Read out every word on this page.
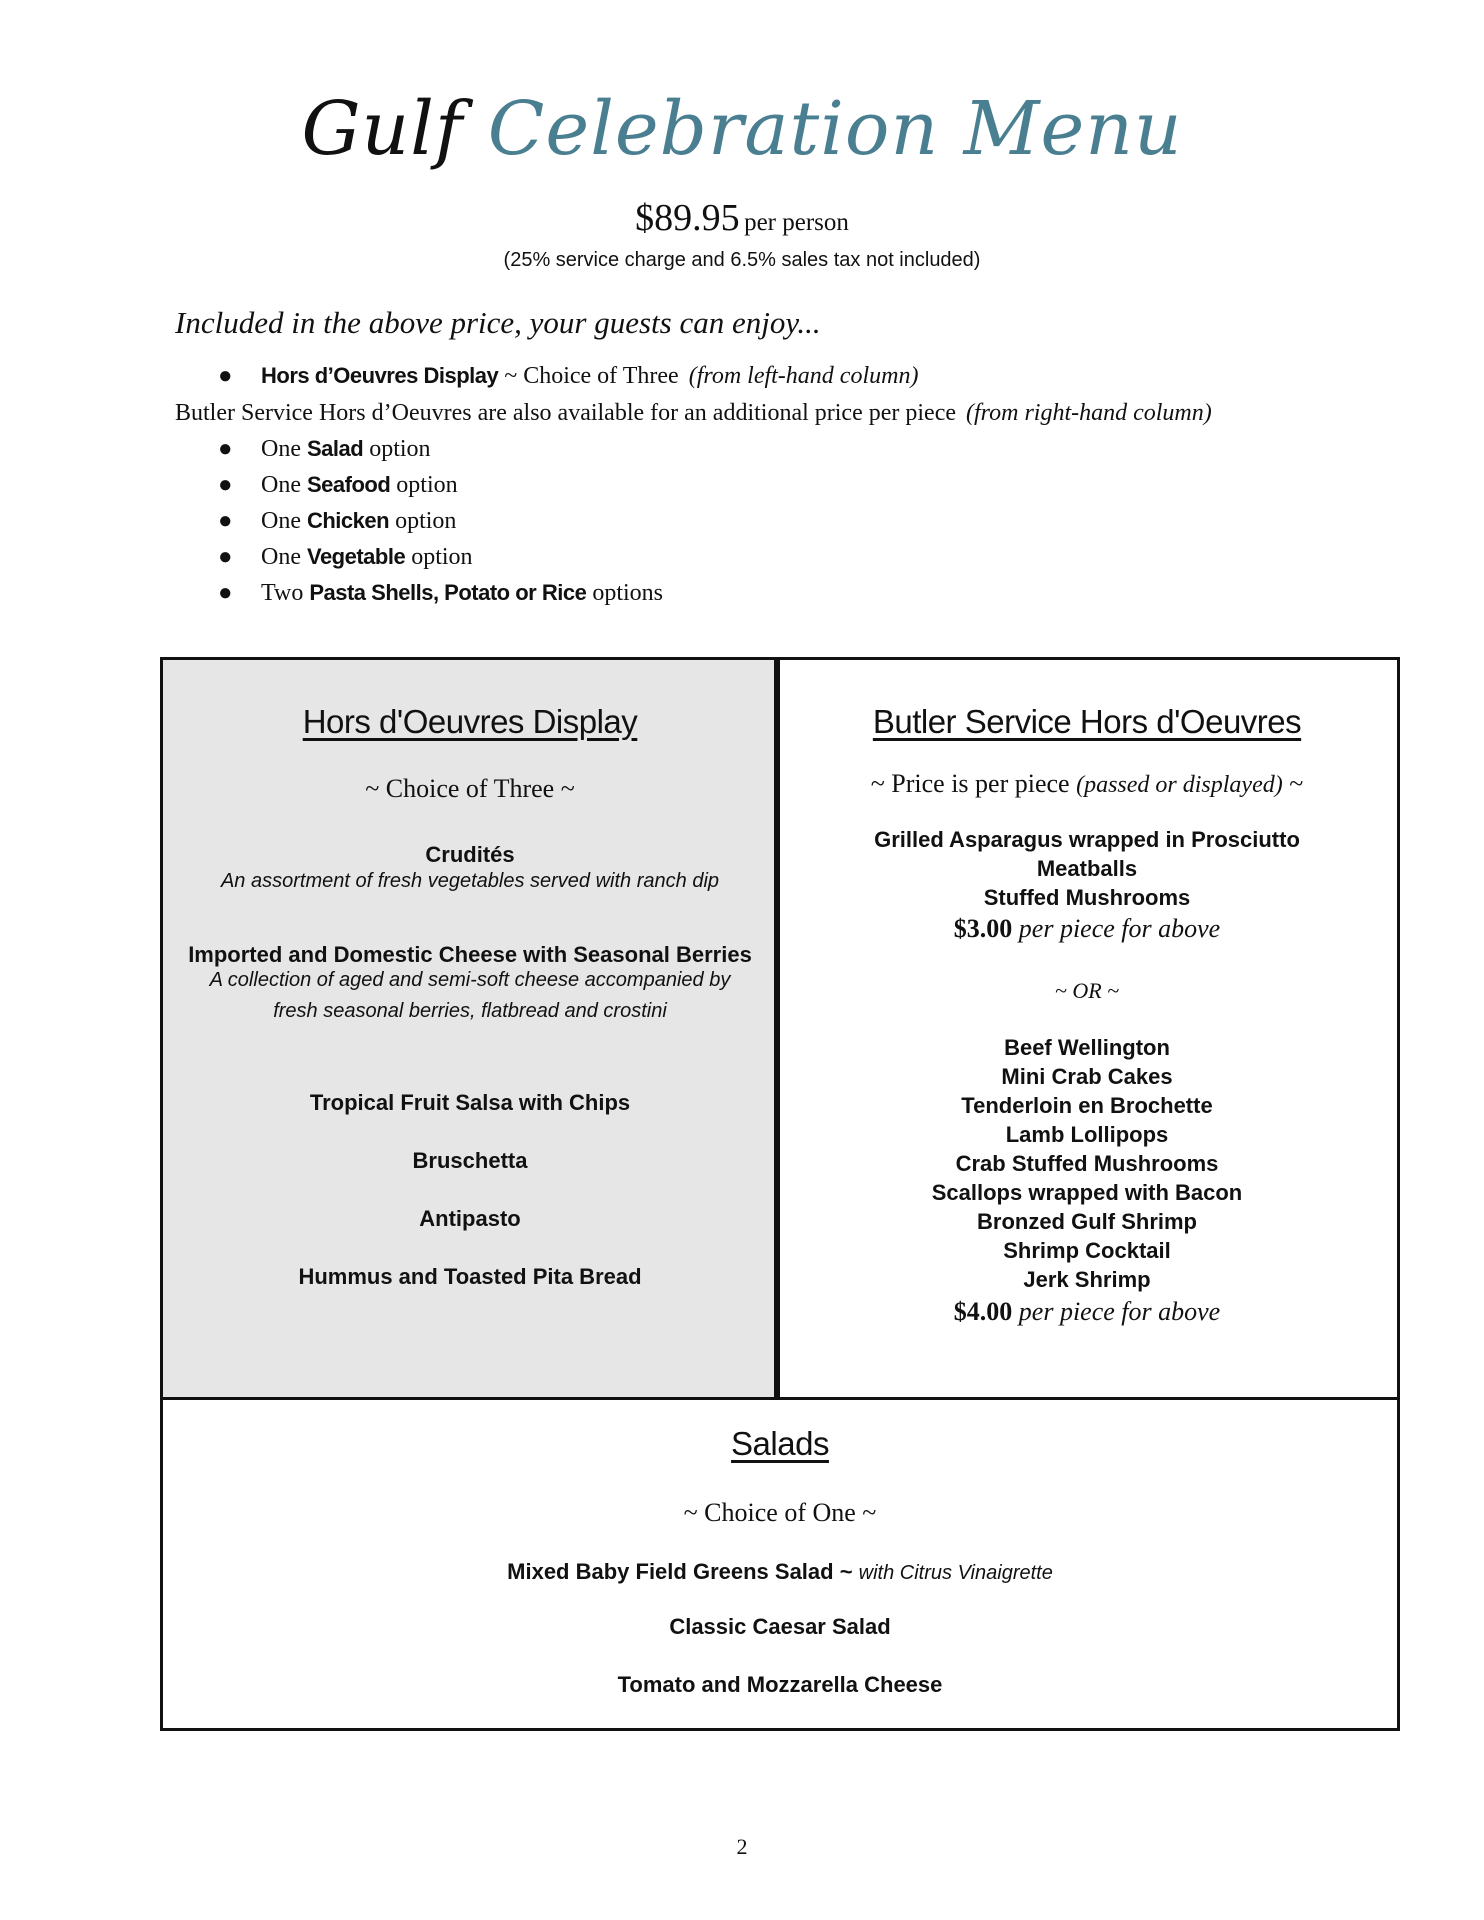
Gulf Celebration Menu
$89.95 per person
(25% service charge and 6.5% sales tax not included)
Included in the above price, your guests can enjoy...
● Hors d’Oeuvres Display ~ Choice of Three (from left-hand column)
Butler Service Hors d’Oeuvres are also available for an additional price per piece (from right-hand column)
● One Salad option
● One Seafood option
● One Chicken option
● One Vegetable option
● Two Pasta Shells, Potato or Rice options
Hors d'Oeuvres Display
~ Choice of Three ~
Crudités
An assortment of fresh vegetables served with ranch dip
Imported and Domestic Cheese with Seasonal Berries
A collection of aged and semi-soft cheese accompanied by
fresh seasonal berries, flatbread and crostini
Tropical Fruit Salsa with Chips
Bruschetta
Antipasto
Hummus and Toasted Pita Bread
Butler Service Hors d'Oeuvres
~ Price is per piece (passed or displayed) ~
Grilled Asparagus wrapped in Prosciutto
Meatballs
Stuffed Mushrooms
$3.00 per piece for above
~ OR ~
Beef Wellington
Mini Crab Cakes
Tenderloin en Brochette
Lamb Lollipops
Crab Stuffed Mushrooms
Scallops wrapped with Bacon
Bronzed Gulf Shrimp
Shrimp Cocktail
Jerk Shrimp
$4.00 per piece for above
Salads
~ Choice of One ~
Mixed Baby Field Greens Salad ~ with Citrus Vinaigrette
Classic Caesar Salad
Tomato and Mozzarella Cheese
2
